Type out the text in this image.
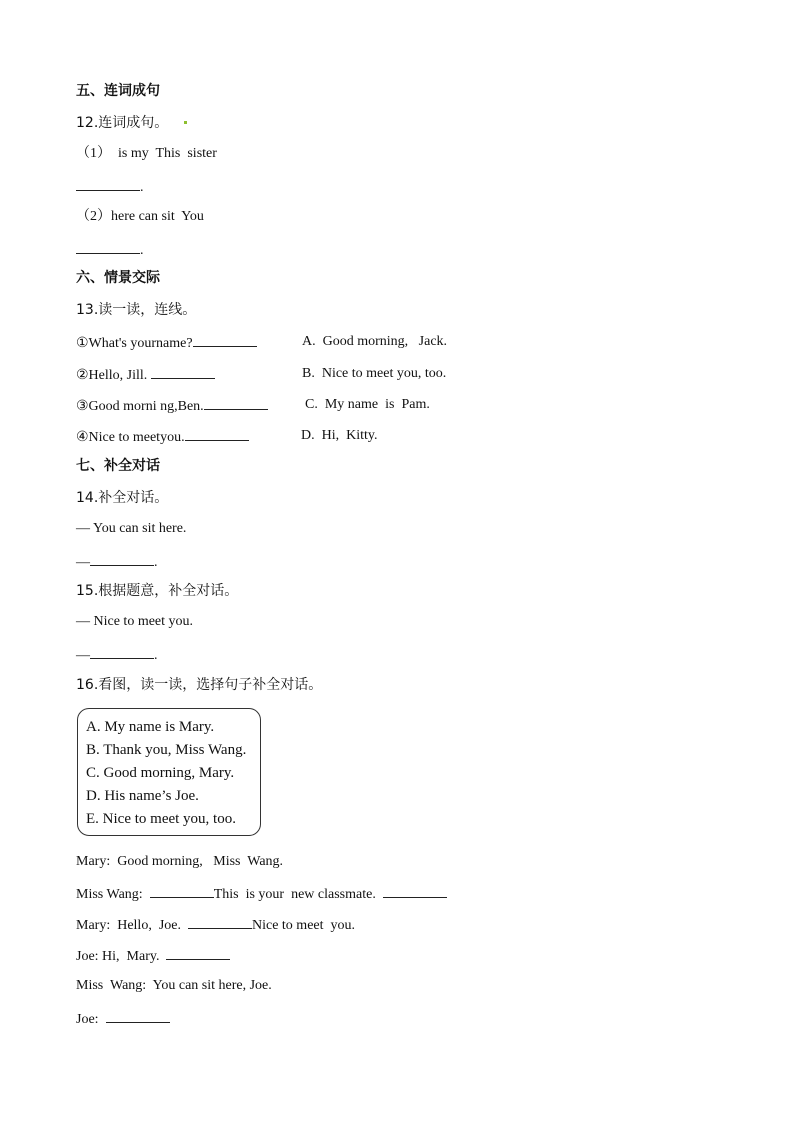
五、连词成句
12.连词成句。
（1）  is my  This  sister
.
（2）here can sit  You
.
六、情景交际
13.读一读，连线。
①What's yourname?	A.  Good morning,   Jack.
②Hello, Jill.	B.  Nice to meet you, too.
③Good morni ng,Ben.	C.  My name  is  Pam.
④Nice to meetyou.	D.  Hi,  Kitty.
七、补全对话
14.补全对话。
— You can sit here.
—	.
15.根据题意，补全对话。
— Nice to meet you.
—	.
16.看图，读一读，选择句子补全对话。
A. My name is Mary.
B. Thank you, Miss Wang.
C. Good morning, Mary.
D. His name’s Joe.
E. Nice to meet you, too.
Mary:  Good morning,   Miss  Wang.
Miss Wang:	This  is your  new classmate.
Mary:  Hello,  Joe.	Nice to meet  you.
Joe: Hi,  Mary.
Miss  Wang:  You can sit here, Joe.
Joe:
